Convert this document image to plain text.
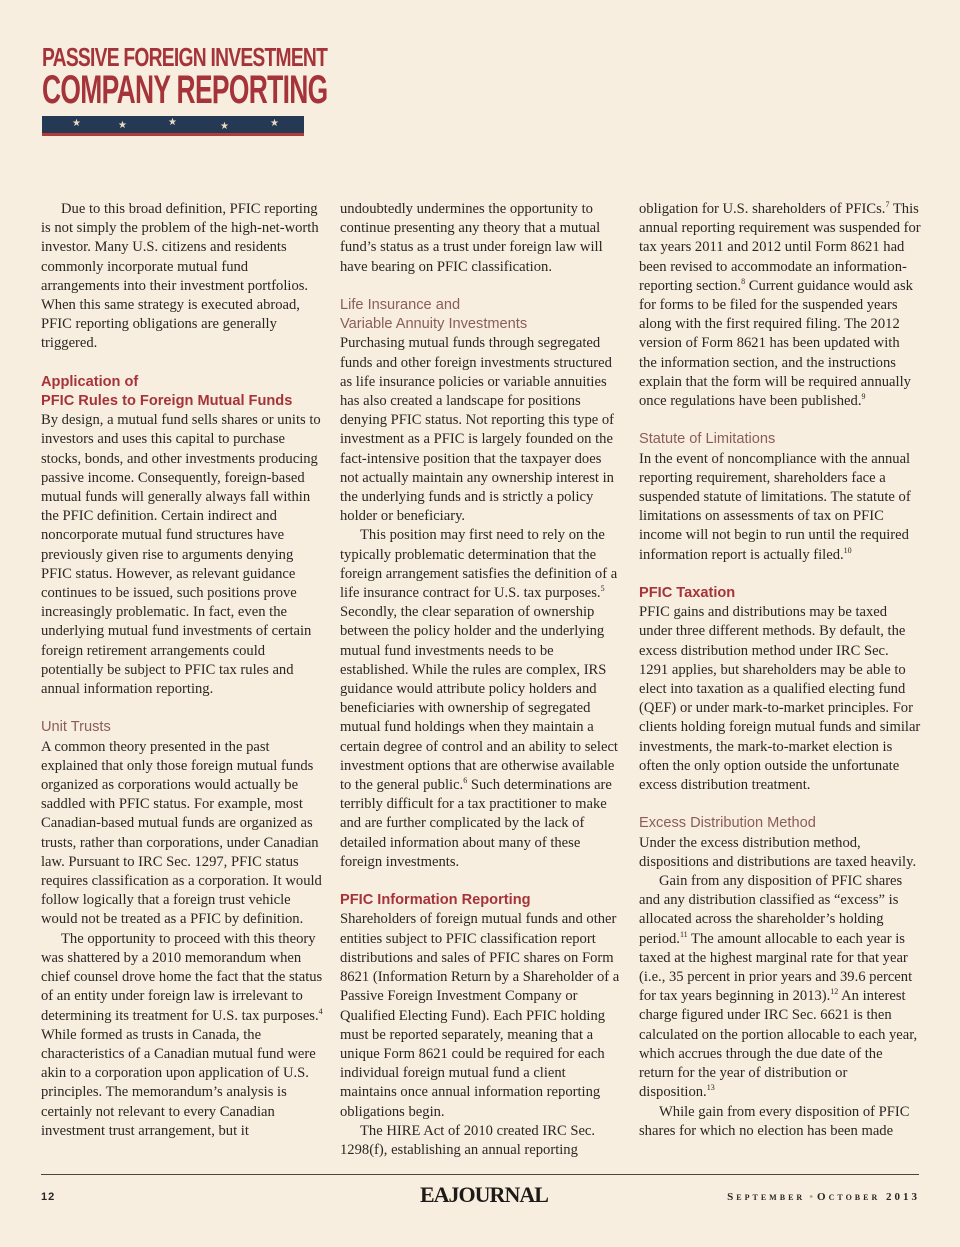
PASSIVE FOREIGN INVESTMENT
COMPANY REPORTING
★	★	★	★	★

Due to this broad definition, PFIC reporting is not simply the problem of the high-net-worth investor. Many U.S. citizens and residents commonly incorporate mutual fund arrangements into their investment portfolios. When this same strategy is executed abroad, PFIC reporting obligations are generally triggered.

Application of
PFIC Rules to Foreign Mutual Funds

By design, a mutual fund sells shares or units to investors and uses this capital to purchase stocks, bonds, and other investments producing passive income. Consequently, foreign-based mutual funds will generally always fall within the PFIC definition. Certain indirect and noncorporate mutual fund structures have previously given rise to arguments denying PFIC status. However, as relevant guidance continues to be issued, such positions prove increasingly problematic. In fact, even the underlying mutual fund investments of certain foreign retirement arrangements could potentially be subject to PFIC tax rules and annual information reporting.

Unit Trusts

A common theory presented in the past explained that only those foreign mutual funds organized as corporations would actually be saddled with PFIC status. For example, most Canadian-based mutual funds are organized as trusts, rather than corporations, under Canadian law. Pursuant to IRC Sec. 1297, PFIC status requires classification as a corporation. It would follow logically that a foreign trust vehicle would not be treated as a PFIC by definition.

The opportunity to proceed with this theory was shattered by a 2010 memorandum when chief counsel drove home the fact that the status of an entity under foreign law is irrelevant to determining its treatment for U.S. tax purposes.$^4$ While formed as trusts in Canada, the characteristics of a Canadian mutual fund were akin to a corporation upon application of U.S. principles. The memorandum’s analysis is certainly not relevant to every Canadian investment trust arrangement, but it

undoubtedly undermines the opportunity to continue presenting any theory that a mutual fund’s status as a trust under foreign law will have bearing on PFIC classification.

Life Insurance and
Variable Annuity Investments

Purchasing mutual funds through segregated funds and other foreign investments structured as life insurance policies or variable annuities has also created a landscape for positions denying PFIC status. Not reporting this type of investment as a PFIC is largely founded on the fact-intensive position that the taxpayer does not actually maintain any ownership interest in the underlying funds and is strictly a policy holder or beneficiary.

This position may first need to rely on the typically problematic determination that the foreign arrangement satisfies the definition of a life insurance contract for U.S. tax purposes.$^5$ Secondly, the clear separation of ownership between the policy holder and the underlying mutual fund investments needs to be established. While the rules are complex, IRS guidance would attribute policy holders and beneficiaries with ownership of segregated mutual fund holdings when they maintain a certain degree of control and an ability to select investment options that are otherwise available to the general public.$^6$ Such determinations are terribly difficult for a tax practitioner to make and are further complicated by the lack of detailed information about many of these foreign investments.

PFIC Information Reporting

Shareholders of foreign mutual funds and other entities subject to PFIC classification report distributions and sales of PFIC shares on Form 8621 (Information Return by a Shareholder of a Passive Foreign Investment Company or Qualified Electing Fund). Each PFIC holding must be reported separately, meaning that a unique Form 8621 could be required for each individual foreign mutual fund a client maintains once annual information reporting obligations begin.

The HIRE Act of 2010 created IRC Sec. 1298(f), establishing an annual reporting

obligation for U.S. shareholders of PFICs.$^7$ This annual reporting requirement was suspended for tax years 2011 and 2012 until Form 8621 had been revised to accommodate an information-reporting section.$^8$ Current guidance would ask for forms to be filed for the suspended years along with the first required filing. The 2012 version of Form 8621 has been updated with the information section, and the instructions explain that the form will be required annually once regulations have been published.$^9$

Statute of Limitations

In the event of noncompliance with the annual reporting requirement, shareholders face a suspended statute of limitations. The statute of limitations on assessments of tax on PFIC income will not begin to run until the required information report is actually filed.$^{10}$

PFIC Taxation

PFIC gains and distributions may be taxed under three different methods. By default, the excess distribution method under IRC Sec. 1291 applies, but shareholders may be able to elect into taxation as a qualified electing fund (QEF) or under mark-to-market principles. For clients holding foreign mutual funds and similar investments, the mark-to-market election is often the only option outside the unfortunate excess distribution treatment.

Excess Distribution Method

Under the excess distribution method, dispositions and distributions are taxed heavily.

Gain from any disposition of PFIC shares and any distribution classified as “excess” is allocated across the shareholder’s holding period.$^{11}$ The amount allocable to each year is taxed at the highest marginal rate for that year (i.e., 35 percent in prior years and 39.6 percent for tax years beginning in 2013).$^{12}$ An interest charge figured under IRC Sec. 6621 is then calculated on the portion allocable to each year, which accrues through the due date of the return for the year of distribution or disposition.$^{13}$

While gain from every disposition of PFIC shares for which no election has been made

12	EAJOURNAL	September • October 2013
